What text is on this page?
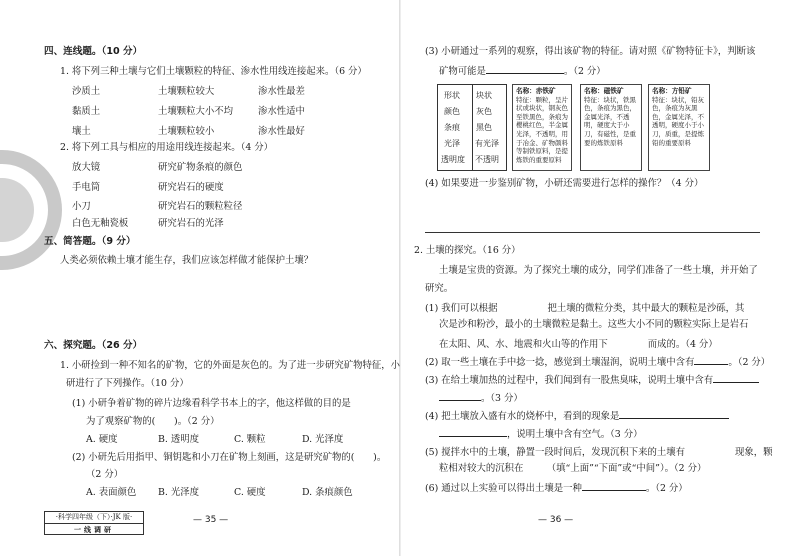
四、连线题。（10 分）
1. 将下列三种土壤与它们土壤颗粒的特征、渗水性用线连接起来。（6 分）
沙质土	土壤颗粒较大	渗水性最差
黏质土	土壤颗粒大小不均	渗水性适中
壤土	土壤颗粒较小	渗水性最好
2. 将下列工具与相应的用途用线连接起来。（4 分）
放大镜	研究矿物条痕的颜色
手电筒	研究岩石的硬度
小刀	研究岩石的颗粒粒径
白色无釉瓷板	研究岩石的光泽
五、简答题。（9 分）
人类必须依赖土壤才能生存，我们应该怎样做才能保护土壤？
六、探究题。（26 分）
1. 小研捡到一种不知名的矿物，它的外面是灰色的。为了进一步研究矿物特征，小
研进行了下列操作。（10 分）
(1) 小研争着矿物的碎片边缘看科学书本上的字，他这样做的目的是
为了观察矿物的(　　)。（2 分）
A. 硬度	B. 透明度	C. 颗粒	D. 光泽度
(2) 小研先后用指甲、铜钥匙和小刀在矿物上刻画，这是研究矿物的(　　)。
（2 分）
A. 表面颜色 B. 光泽度	C. 硬度	D. 条痕颜色
·科学四年级（下）·JK 版·
一线调研
— 35 —
(3) 小研通过一系列的观察，得出该矿物的特征。请对照《矿物特征卡》，判断该
矿物可能是	。（2 分）
形状 块状
颜色 灰色
条痕 黑色
光泽 有光泽
透明度 不透明
名称：赤铁矿
特征：颗粒，呈片状或块状，钢灰色至铁黑色，条痕为樱桃红色，半金属光泽，不透明，用于冶金、矿物颜料等制铁原料，是提炼铁的重要原料
名称：磁铁矿
特征：块状，铁黑色，条痕为黑色，金属光泽，不透明，硬度大于小刀，有磁性，是重要的炼铁原料
名称：方铅矿
特征：块状，铅灰色，条痕为灰黑色，金属光泽，不透明，硬度小于小刀，质重，是提炼铅的重要原料
(4) 如果要进一步鉴别矿物，小研还需要进行怎样的操作？（4 分）
2. 土壤的探究。（16 分）
土壤是宝贵的资源。为了探究土壤的成分，同学们准备了一些土壤，并开始了
研究。
(1) 我们可以根据	把土壤的微粒分类，其中最大的颗粒是沙砾，其
次是沙和粉沙，最小的土壤微粒是黏土。这些大小不同的颗粒实际上是岩石
在太阳、风、水、地震和火山等的作用下	而成的。（4 分）
(2) 取一些土壤在手中捻一捻，感觉到土壤湿润，说明土壤中含有	。（2 分）
(3) 在给土壤加热的过程中，我们闻到有一股焦臭味，说明土壤中含有
。（3 分）
(4) 把土壤放入盛有水的烧杯中，看到的现象是
，说明土壤中含有空气。（3 分）
(5) 搅拌水中的土壤，静置一段时间后，发现沉积下来的土壤有	现象，颗
粒相对较大的沉积在　　　（填“上面”“下面”或“中间”）。（2 分）
(6) 通过以上实验可以得出土壤是一种	。（2 分）
— 36 —
